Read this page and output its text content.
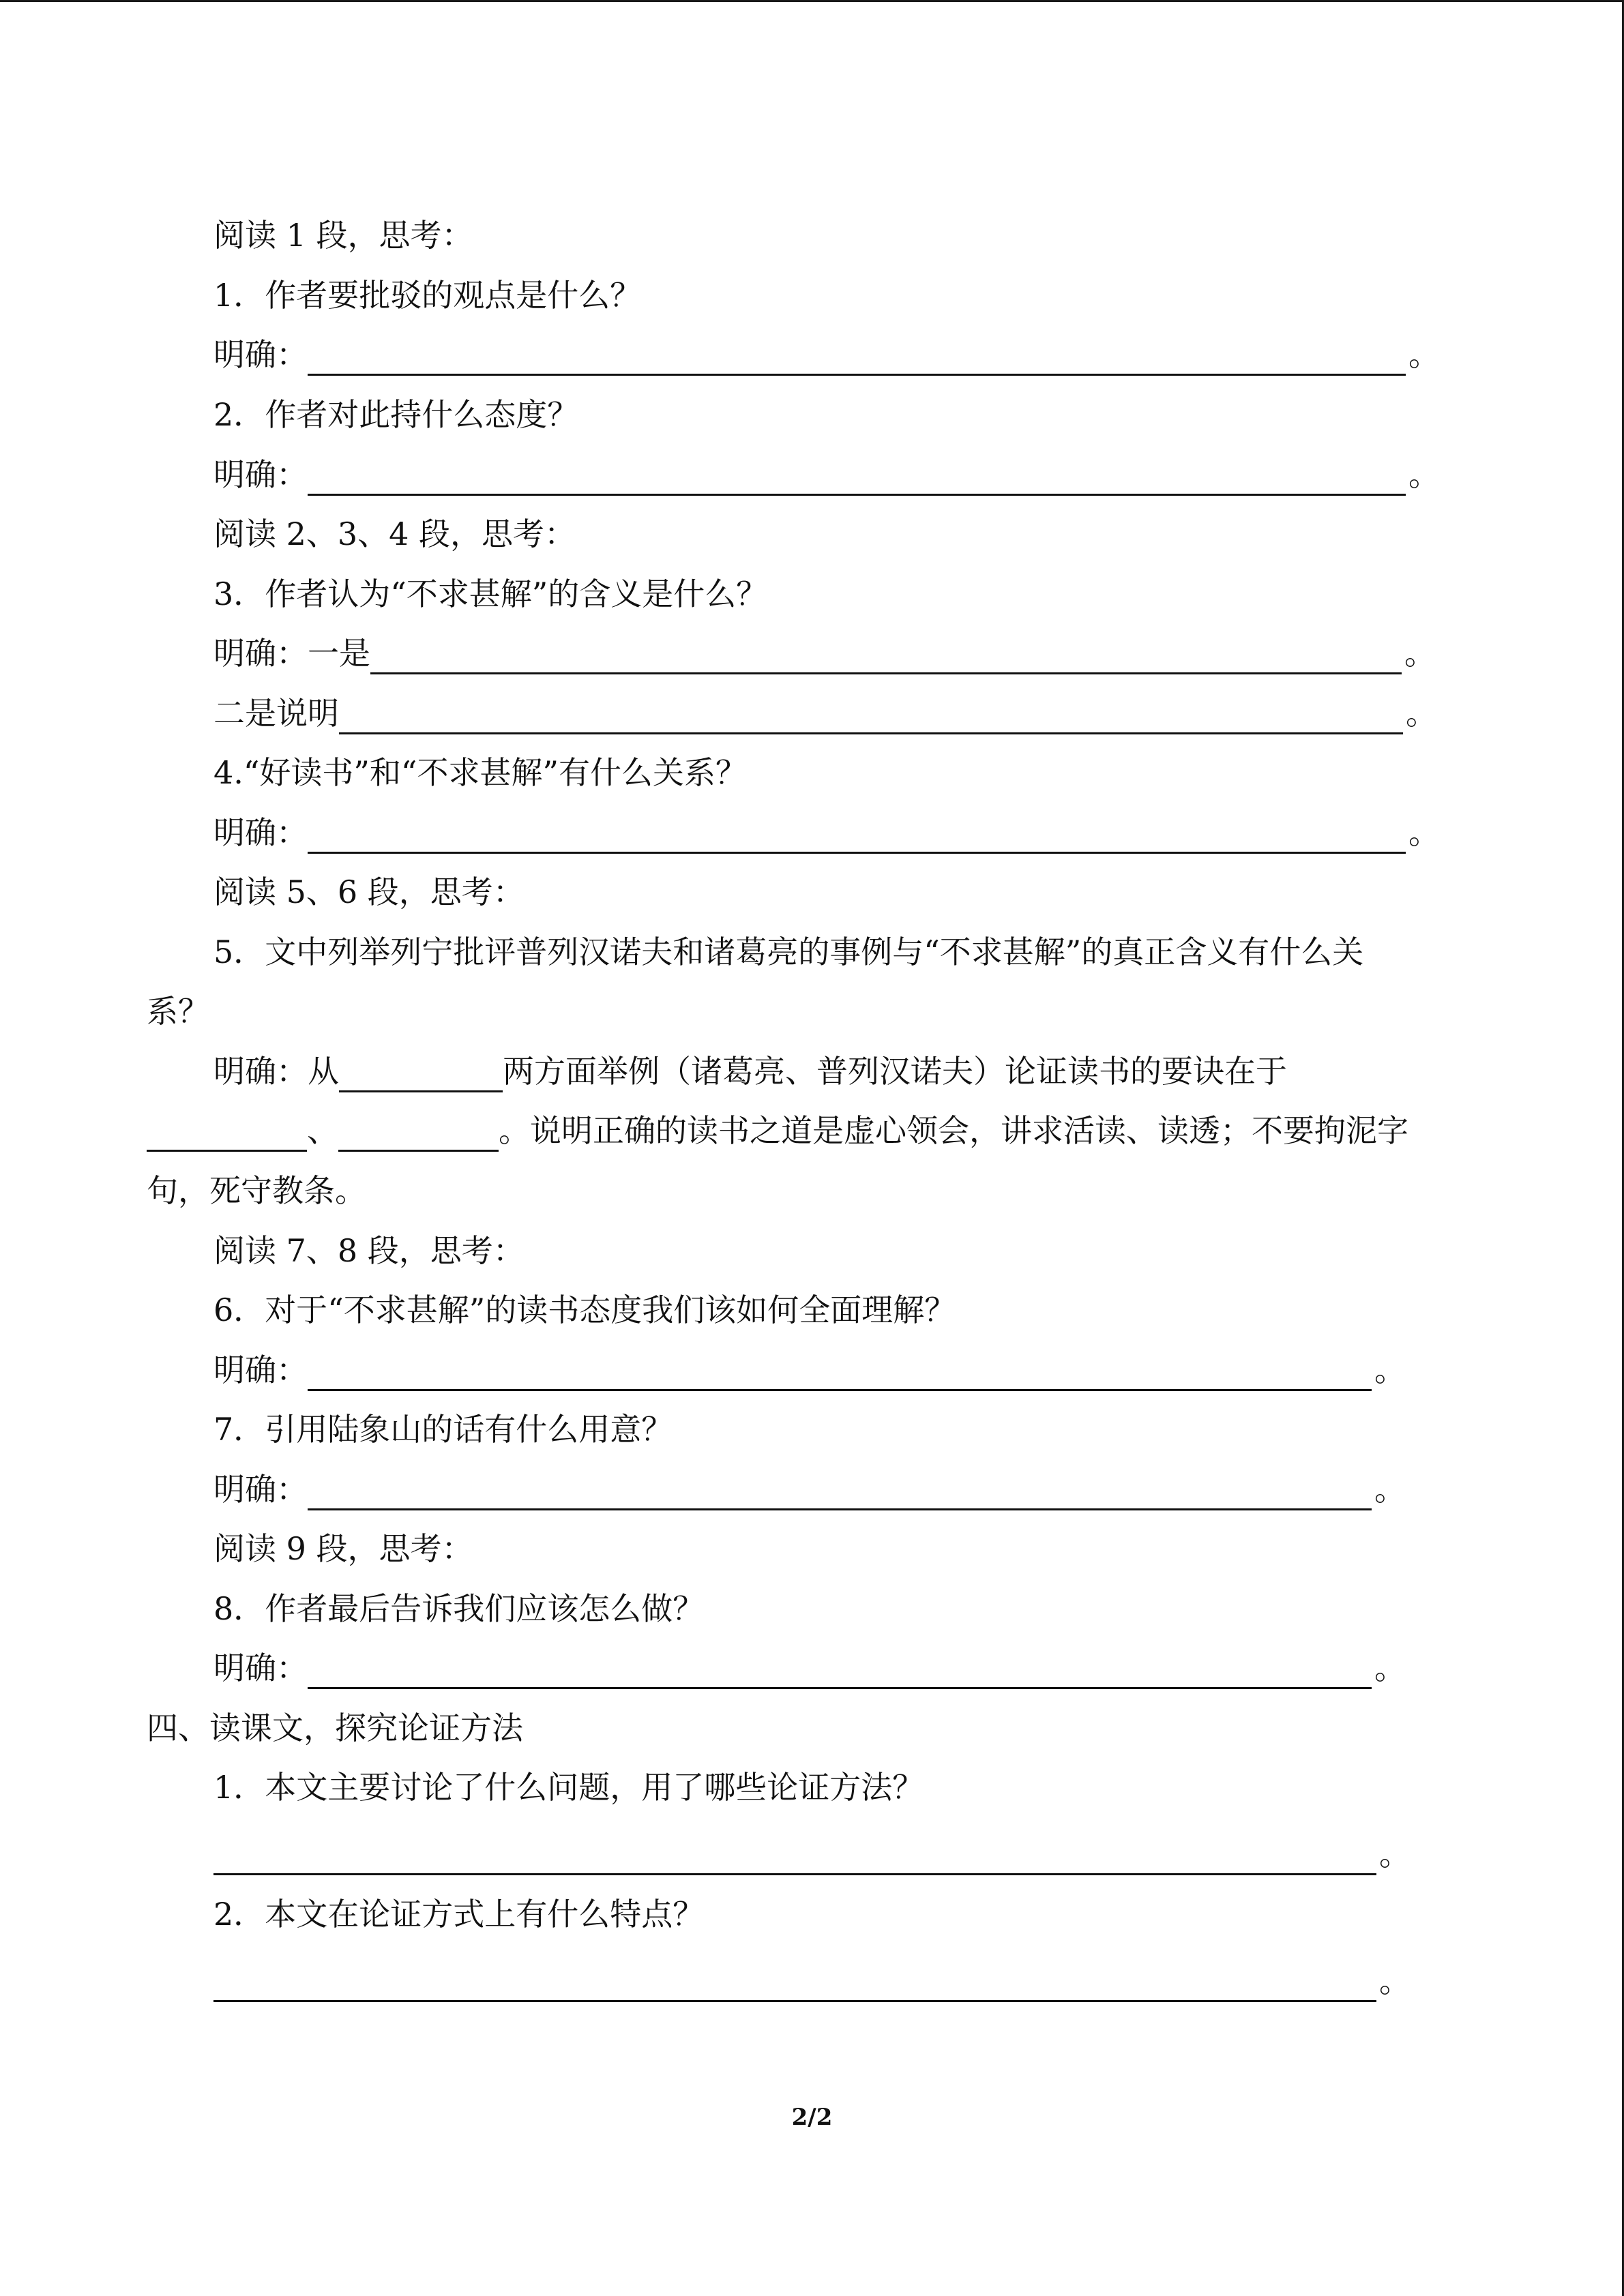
阅读 1 段，思考：
1．作者要批驳的观点是什么？
明确：	。
2．作者对此持什么态度？
明确：	。
阅读 2、3、4 段，思考：
3．作者认为“不求甚解”的含义是什么？
明确：一是	。
二是说明	。
4.“好读书”和“不求甚解”有什么关系？
明确：	。
阅读 5、6 段，思考：
5．文中列举列宁批评普列汉诺夫和诸葛亮的事例与“不求甚解”的真正含义有什么关
系？
明确：从	两方面举例（诸葛亮、普列汉诺夫）论证读书的要诀在于
、	。说明正确的读书之道是虚心领会，讲求活读、读透；不要拘泥字
句，死守教条。
阅读 7、8 段，思考：
6．对于“不求甚解”的读书态度我们该如何全面理解？
明确：	。
7．引用陆象山的话有什么用意？
明确：	。
阅读 9 段，思考：
8．作者最后告诉我们应该怎么做？
明确：	。
四、读课文，探究论证方法
1．本文主要讨论了什么问题，用了哪些论证方法？
。
2．本文在论证方式上有什么特点？
。
2/2
